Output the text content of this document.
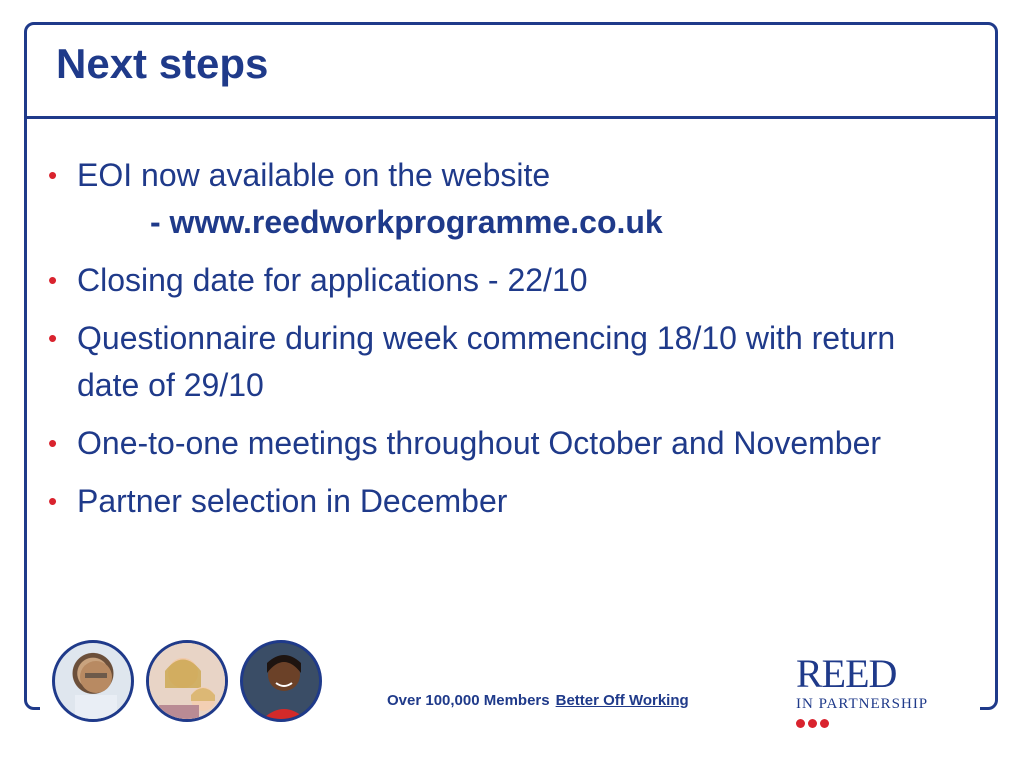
Next steps
• EOI now available on the website
- www.reedworkprogramme.co.uk
• Closing date for applications - 22/10
• Questionnaire during week commencing 18/10 with return date of 29/10
• One-to-one meetings throughout October and November
• Partner selection in December
Over 100,000 Members Better Off Working
REED
IN PARTNERSHIP
